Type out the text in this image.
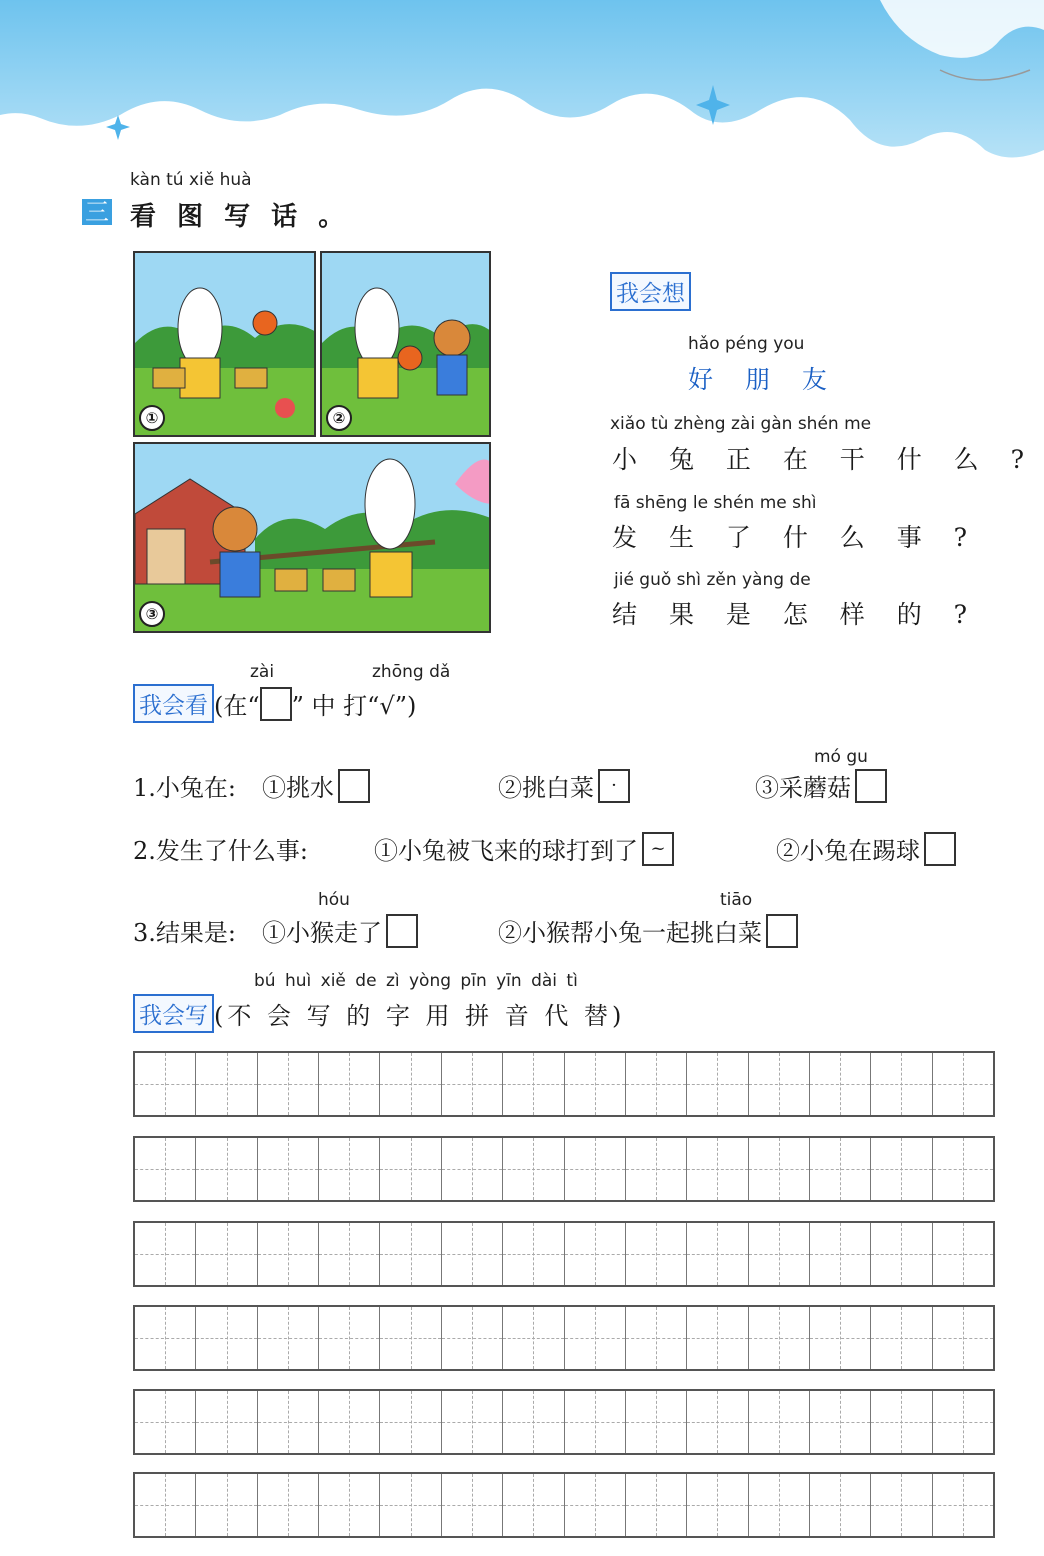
三
kàn tú xiě huà
看 图 写 话 。
①	②
③
我会想
hǎo péng you
好 朋 友
xiǎo tù zhèng zài gàn shén me
小 兔 正 在 干 什 么 ?
fā shēng le shén me shì
发 生 了 什 么 事 ?
jié guǒ shì zěn yàng de
结 果 是 怎 样 的 ?
zài	zhōng dǎ
我会看 (在“ ” 中 打“√”)
mó gu
1.小兔在: ①挑水	②挑白菜 ·	③采蘑菇
2.发生了什么事:	①小兔被飞来的球打到了 ~	②小兔在踢球
hóu	tiāo
3.结果是: ①小猴走了	②小猴帮小兔一起挑白菜
bú huì xiě de zì yòng pīn yīn dài tì
我会写 (不 会 写 的 字 用 拼 音 代 替)
